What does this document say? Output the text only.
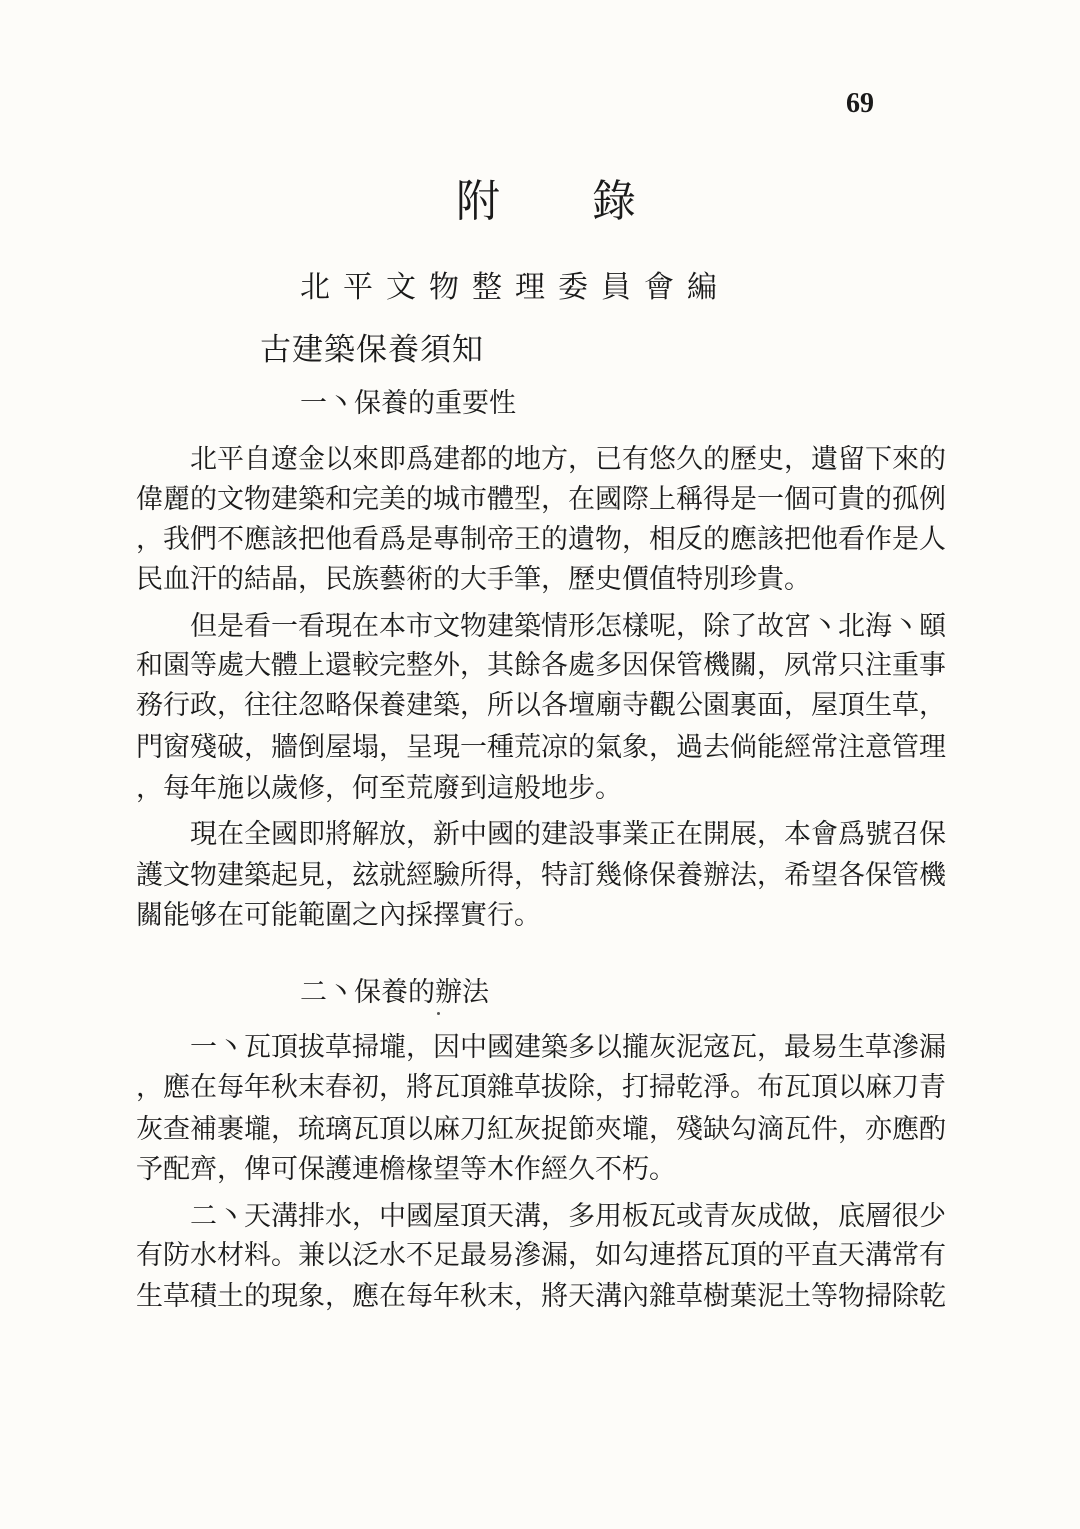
69
附 錄
北平文物整理委員會編
古建築保養須知
一丶保養的重要性
北平自遼金以來即爲建都的地方，已有悠久的歷史，遺留下來的
偉麗的文物建築和完美的城市體型，在國際上稱得是一個可貴的孤例
，我們不應該把他看爲是專制帝王的遺物，相反的應該把他看作是人
民血汗的結晶，民族藝術的大手筆，歷史價值特別珍貴。
但是看一看現在本市文物建築情形怎樣呢，除了故宮丶北海丶頤
和園等處大體上還較完整外，其餘各處多因保管機關，夙常只注重事
務行政，往往忽略保養建築，所以各壇廟寺觀公園裏面，屋頂生草，
門窗殘破，牆倒屋塌，呈現一種荒凉的氣象，過去倘能經常注意管理
，每年施以歲修，何至荒廢到這般地步。
現在全國即將解放，新中國的建設事業正在開展，本會爲號召保
護文物建築起見，玆就經驗所得，特訂幾條保養辦法，希望各保管機
關能够在可能範圍之內採擇實行。
二丶保養的辦法
一丶瓦頂拔草掃壠，因中國建築多以攏灰泥宼瓦，最易生草滲漏
，應在每年秋末春初，將瓦頂雜草拔除，打掃乾淨。布瓦頂以麻刀青
灰查補裹壠，琉璃瓦頂以麻刀紅灰捉節夾壠，殘缺勾滴瓦件，亦應酌
予配齊，俾可保護連檐椽望等木作經久不朽。
二丶天溝排水，中國屋頂天溝，多用板瓦或青灰成做，底層很少
有防水材料。兼以泛水不足最易滲漏，如勾連搭瓦頂的平直天溝常有
生草積土的現象，應在每年秋末，將天溝內雜草樹葉泥土等物掃除乾
